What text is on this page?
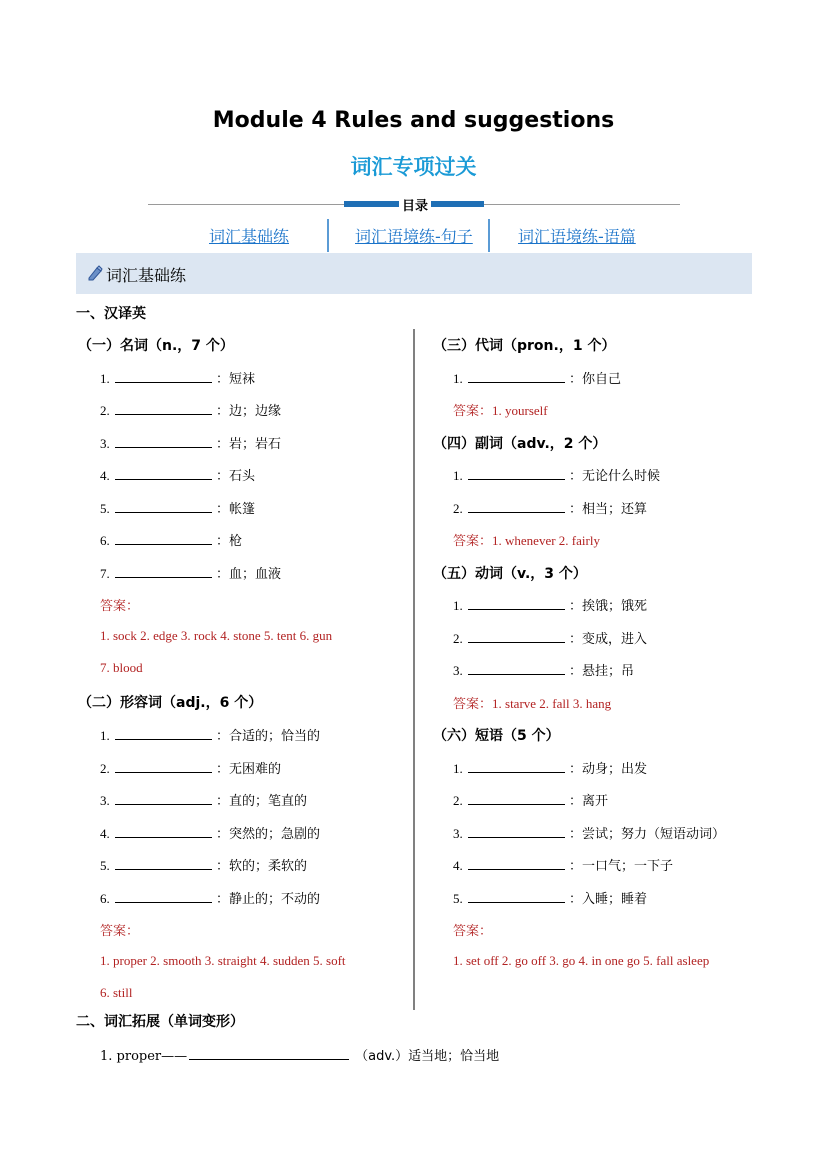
Module 4 Rules and suggestions
词汇专项过关
目录
词汇基础练	词汇语境练-句子	词汇语境练-语篇
词汇基础练
一、汉译英
（一）名词（n.，7 个）
1.	：短袜
2.	：边；边缘
3.	：岩；岩石
4.	：石头
5.	：帐篷
6.	：枪
7.	：血；血液
答案：
1. sock 2. edge 3. rock 4. stone 5. tent 6. gun
7. blood
（二）形容词（adj.，6 个）
1.	：合适的；恰当的
2.	：无困难的
3.	：直的；笔直的
4.	：突然的；急剧的
5.	：软的；柔软的
6.	：静止的；不动的
答案：
1. proper 2. smooth 3. straight 4. sudden 5. soft
6. still
（三）代词（pron.，1 个）
1.	：你自己
答案：1. yourself
（四）副词（adv.，2 个）
1.	：无论什么时候
2.	：相当；还算
答案：1. whenever 2. fairly
（五）动词（v.，3 个）
1.	：挨饿；饿死
2.	：变成，进入
3.	：悬挂；吊
答案：1. starve 2. fall 3. hang
（六）短语（5 个）
1.	：动身；出发
2.	：离开
3.	：尝试；努力（短语动词）
4.	：一口气；一下子
5.	：入睡；睡着
答案：
1. set off 2. go off 3. go 4. in one go 5. fall asleep
二、词汇拓展（单词变形）
1. proper——	（adv.）适当地；恰当地
